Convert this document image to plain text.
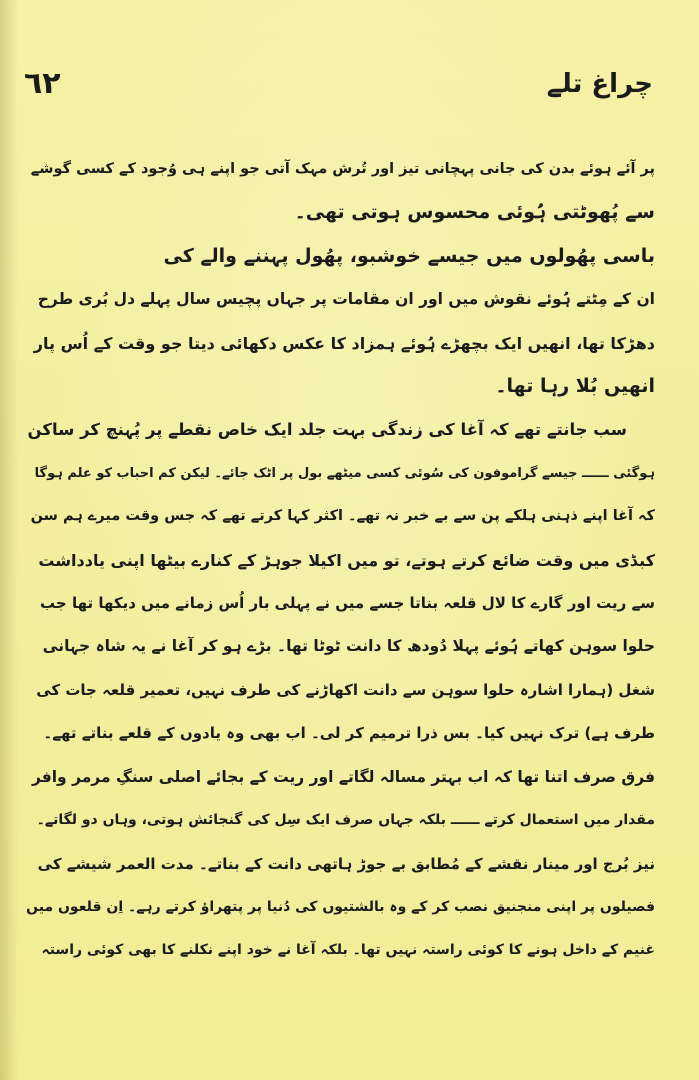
٦٢	چراغ تلے
پر آئے ہوئے بدن کی جانی پہچانی تیز اور تُرش مہک آتی جو اپنے ہی وُجود کے کسی گوشے
سے پُھوٹتی ہُوئی محسوس ہوتی تھی۔
باسی پھُولوں میں جیسے خوشبو، پھُول پہننے والے کی
ان کے مِٹتے ہُوئے نقوش میں اور ان مقامات پر جہاں پچیس سال پہلے دل بُری طرح
دھڑکا تھا، انھیں ایک بچھڑے ہُوئے ہمزاد کا عکس دکھائی دیتا جو وقت کے اُس پار
انھیں بُلا رہا تھا۔
سب جانتے تھے کہ آغا کی زندگی بہت جلد ایک خاص نقطے پر پُہنچ کر ساکن
ہوگئی ــــــ جیسے گراموفون کی سُوئی کسی میٹھے بول پر اٹک جائے۔ لیکن کم احباب کو علم ہوگا
کہ آغا اپنے ذہنی ہلکے پن سے بے خبر نہ تھے۔ اکثر کہا کرتے تھے کہ جس وقت میرے ہم سن
کبڈی میں وقت ضائع کرتے ہوتے، تو میں اکیلا جوہڑ کے کنارے بیٹھا اپنی یادداشت
سے ریت اور گارے کا لال قلعہ بناتا جسے میں نے پہلی بار اُس زمانے میں دیکھا تھا جب
حلوا سوہن کھاتے ہُوئے پہلا دُودھ کا دانت ٹوٹا تھا۔ بڑے ہو کر آغا نے یہ شاہ جہانی
شغل (ہمارا اشارہ حلوا سوہن سے دانت اکھاڑنے کی طرف نہیں، تعمیر قلعہ جات کی
طرف ہے) ترک نہیں کیا۔ بس ذرا ترمیم کر لی۔ اب بھی وہ یادوں کے قلعے بناتے تھے۔
فرق صرف اتنا تھا کہ اب بہتر مسالہ لگاتے اور ریت کے بجائے اصلی سنگِ مرمر وافر
مقدار میں استعمال کرتے ــــــ بلکہ جہاں صرف ایک سِل کی گنجائش ہوتی، وہاں دو لگاتے۔
نیز بُرج اور مینار نقشے کے مُطابق بے جوڑ ہاتھی دانت کے بناتے۔ مدت العمر شیشے کی
فصیلوں پر اپنی منجنیق نصب کر کے وہ بالشتیوں کی دُنیا پر پتھراؤ کرتے رہے۔ اِن قلعوں میں
غنیم کے داخل ہونے کا کوئی راستہ نہیں تھا۔ بلکہ آغا نے خود اپنے نکلنے کا بھی کوئی راستہ
